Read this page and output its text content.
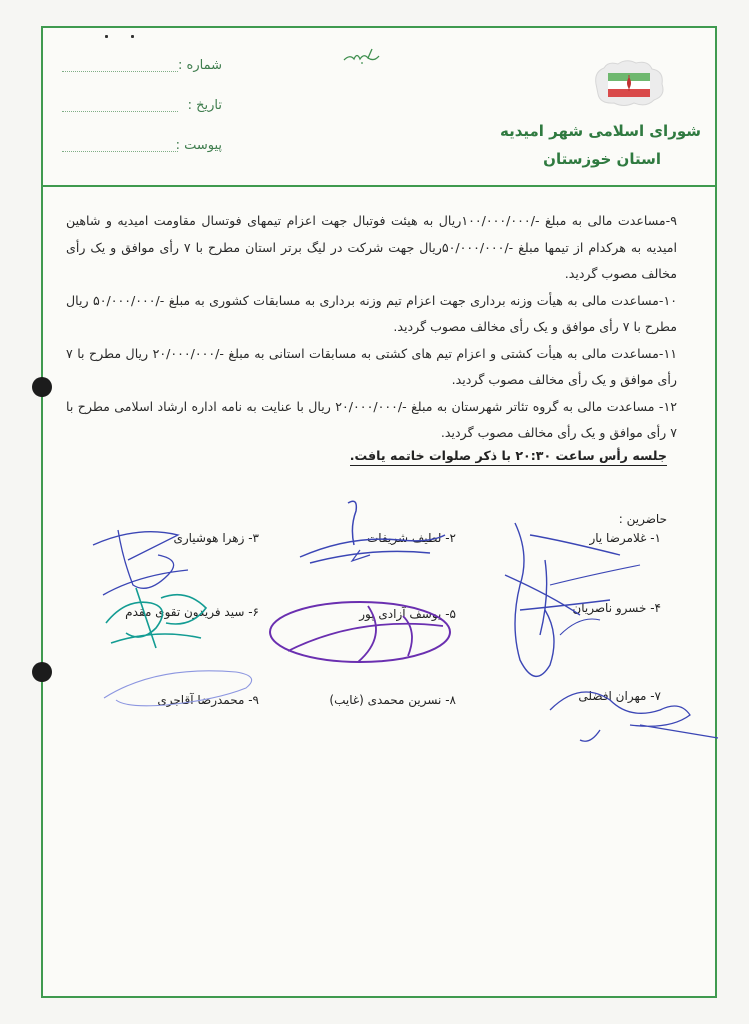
شماره :
تاریخ :
پیوست :
شورای اسلامی شهر امیدیه
استان خوزستان

۹-مساعدت مالی به مبلغ -/۱۰۰/۰۰۰/۰۰۰ریال به هیئت فوتبال جهت اعزام تیمهای فوتسال مقاومت امیدیه و شاهین امیدیه به هرکدام از تیمها مبلغ -/۵۰/۰۰۰/۰۰۰ریال جهت شرکت در لیگ برتر استان مطرح با ۷ رأی موافق و یک رأی مخالف مصوب گردید.

۱۰-مساعدت مالی به هیأت وزنه برداری جهت اعزام تیم وزنه برداری به مسابقات کشوری به مبلغ -/۵۰/۰۰۰/۰۰۰ ریال مطرح با ۷ رأی موافق و یک رأی مخالف مصوب گردید.

۱۱-مساعدت مالی به هیأت کشتی و اعزام تیم های کشتی به مسابقات استانی به مبلغ -/۲۰/۰۰۰/۰۰۰ ریال مطرح با ۷ رأی موافق و یک رأی مخالف مصوب گردید.

۱۲- مساعدت مالی به گروه تئاتر شهرستان به مبلغ -/۲۰/۰۰۰/۰۰۰ ریال با عنایت به نامه اداره ارشاد اسلامی مطرح با ۷ رأی موافق و یک رأی مخالف مصوب گردید.

جلسه رأس ساعت ۲۰:۳۰ با ذکر صلوات خاتمه یافت.
حاضرین :
۱- غلامرضا یار
۲- لطیف شریفات
۳- زهرا هوشیاری
۴- خسرو ناصریان
۵- یوسف آزادی پور
۶- سید فریدون تقوی مقدم
۷- مهران افضلی
۸- نسرین محمدی (غایب)
۹- محمدرضا آقاجری
